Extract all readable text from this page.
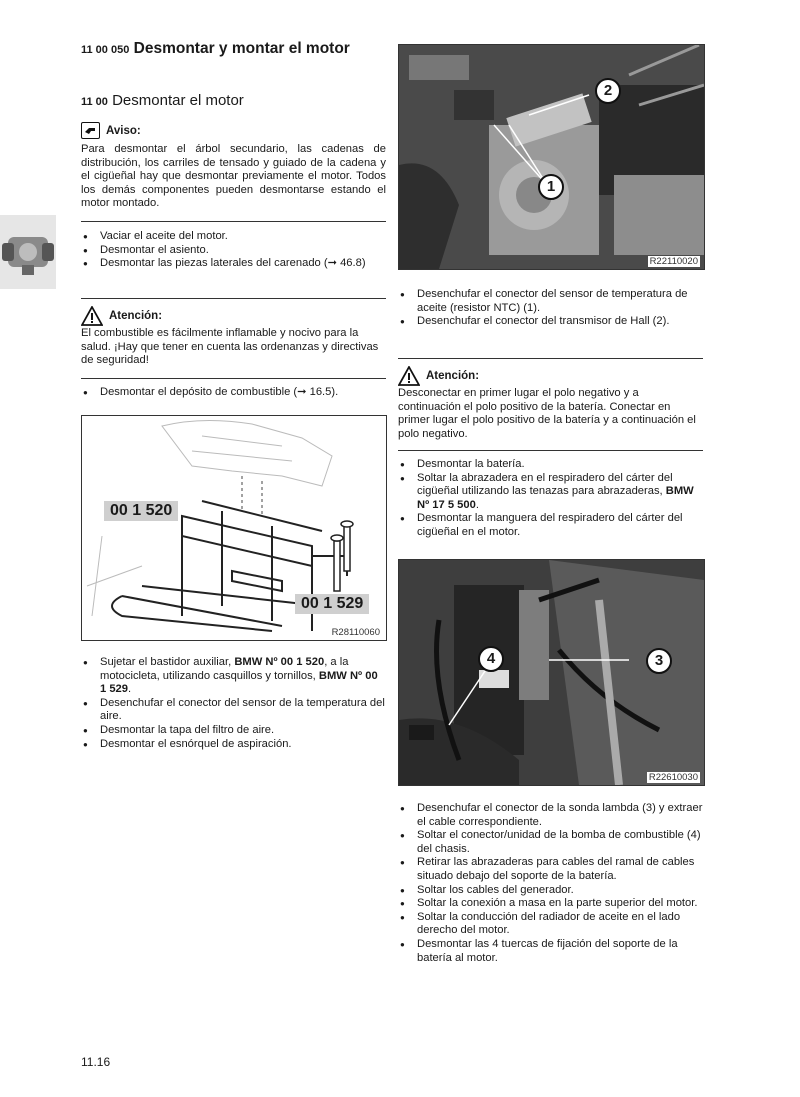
11 00 050 Desmontar y montar el motor
11 00 Desmontar el motor
Aviso:
Para desmontar el árbol secundario, las cadenas de distribución, los carriles de tensado y guiado de la cadena y el cigüeñal hay que desmontar previamente el motor. Todos los demás componentes pueden desmontarse estando el motor montado.
● Vaciar el aceite del motor.
● Desmontar el asiento.
● Desmontar las piezas laterales del carenado (➞ 46.8)
Atención:
El combustible es fácilmente inflamable y nocivo para la salud. ¡Hay que tener en cuenta las ordenanzas y directivas de seguridad!
● Desmontar el depósito de combustible (➞ 16.5).
00 1 520
00 1 529
R28110060
● Sujetar el bastidor auxiliar, BMW Nº 00 1 520, a la motocicleta, utilizando casquillos y tornillos, BMW Nº 00 1 529.
● Desenchufar el conector del sensor de la temperatura del aire.
● Desmontar la tapa del filtro de aire.
● Desmontar el esnórquel de aspiración.
2
1
R22110020
● Desenchufar el conector del sensor de temperatura de aceite (resistor NTC) (1).
● Desenchufar el conector del transmisor de Hall (2).
Atención:
Desconectar en primer lugar el polo negativo y a continuación el polo positivo de la batería. Conectar en primer lugar el polo positivo de la batería y a continuación el polo negativo.
● Desmontar la batería.
● Soltar la abrazadera en el respiradero del cárter del cigüeñal utilizando las tenazas para abrazaderas, BMW Nº 17 5 500.
● Desmontar la manguera del respiradero del cárter del cigüeñal en el motor.
4	3
R22610030
● Desenchufar el conector de la sonda lambda (3) y extraer el cable correspondiente.
● Soltar el conector/unidad de la bomba de combustible (4) del chasis.
● Retirar las abrazaderas para cables del ramal de cables situado debajo del soporte de la batería.
● Soltar los cables del generador.
● Soltar la conexión a masa en la parte superior del motor.
● Soltar la conducción del radiador de aceite en el lado derecho del motor.
● Desmontar las 4 tuercas de fijación del soporte de la batería al motor.
11.16
